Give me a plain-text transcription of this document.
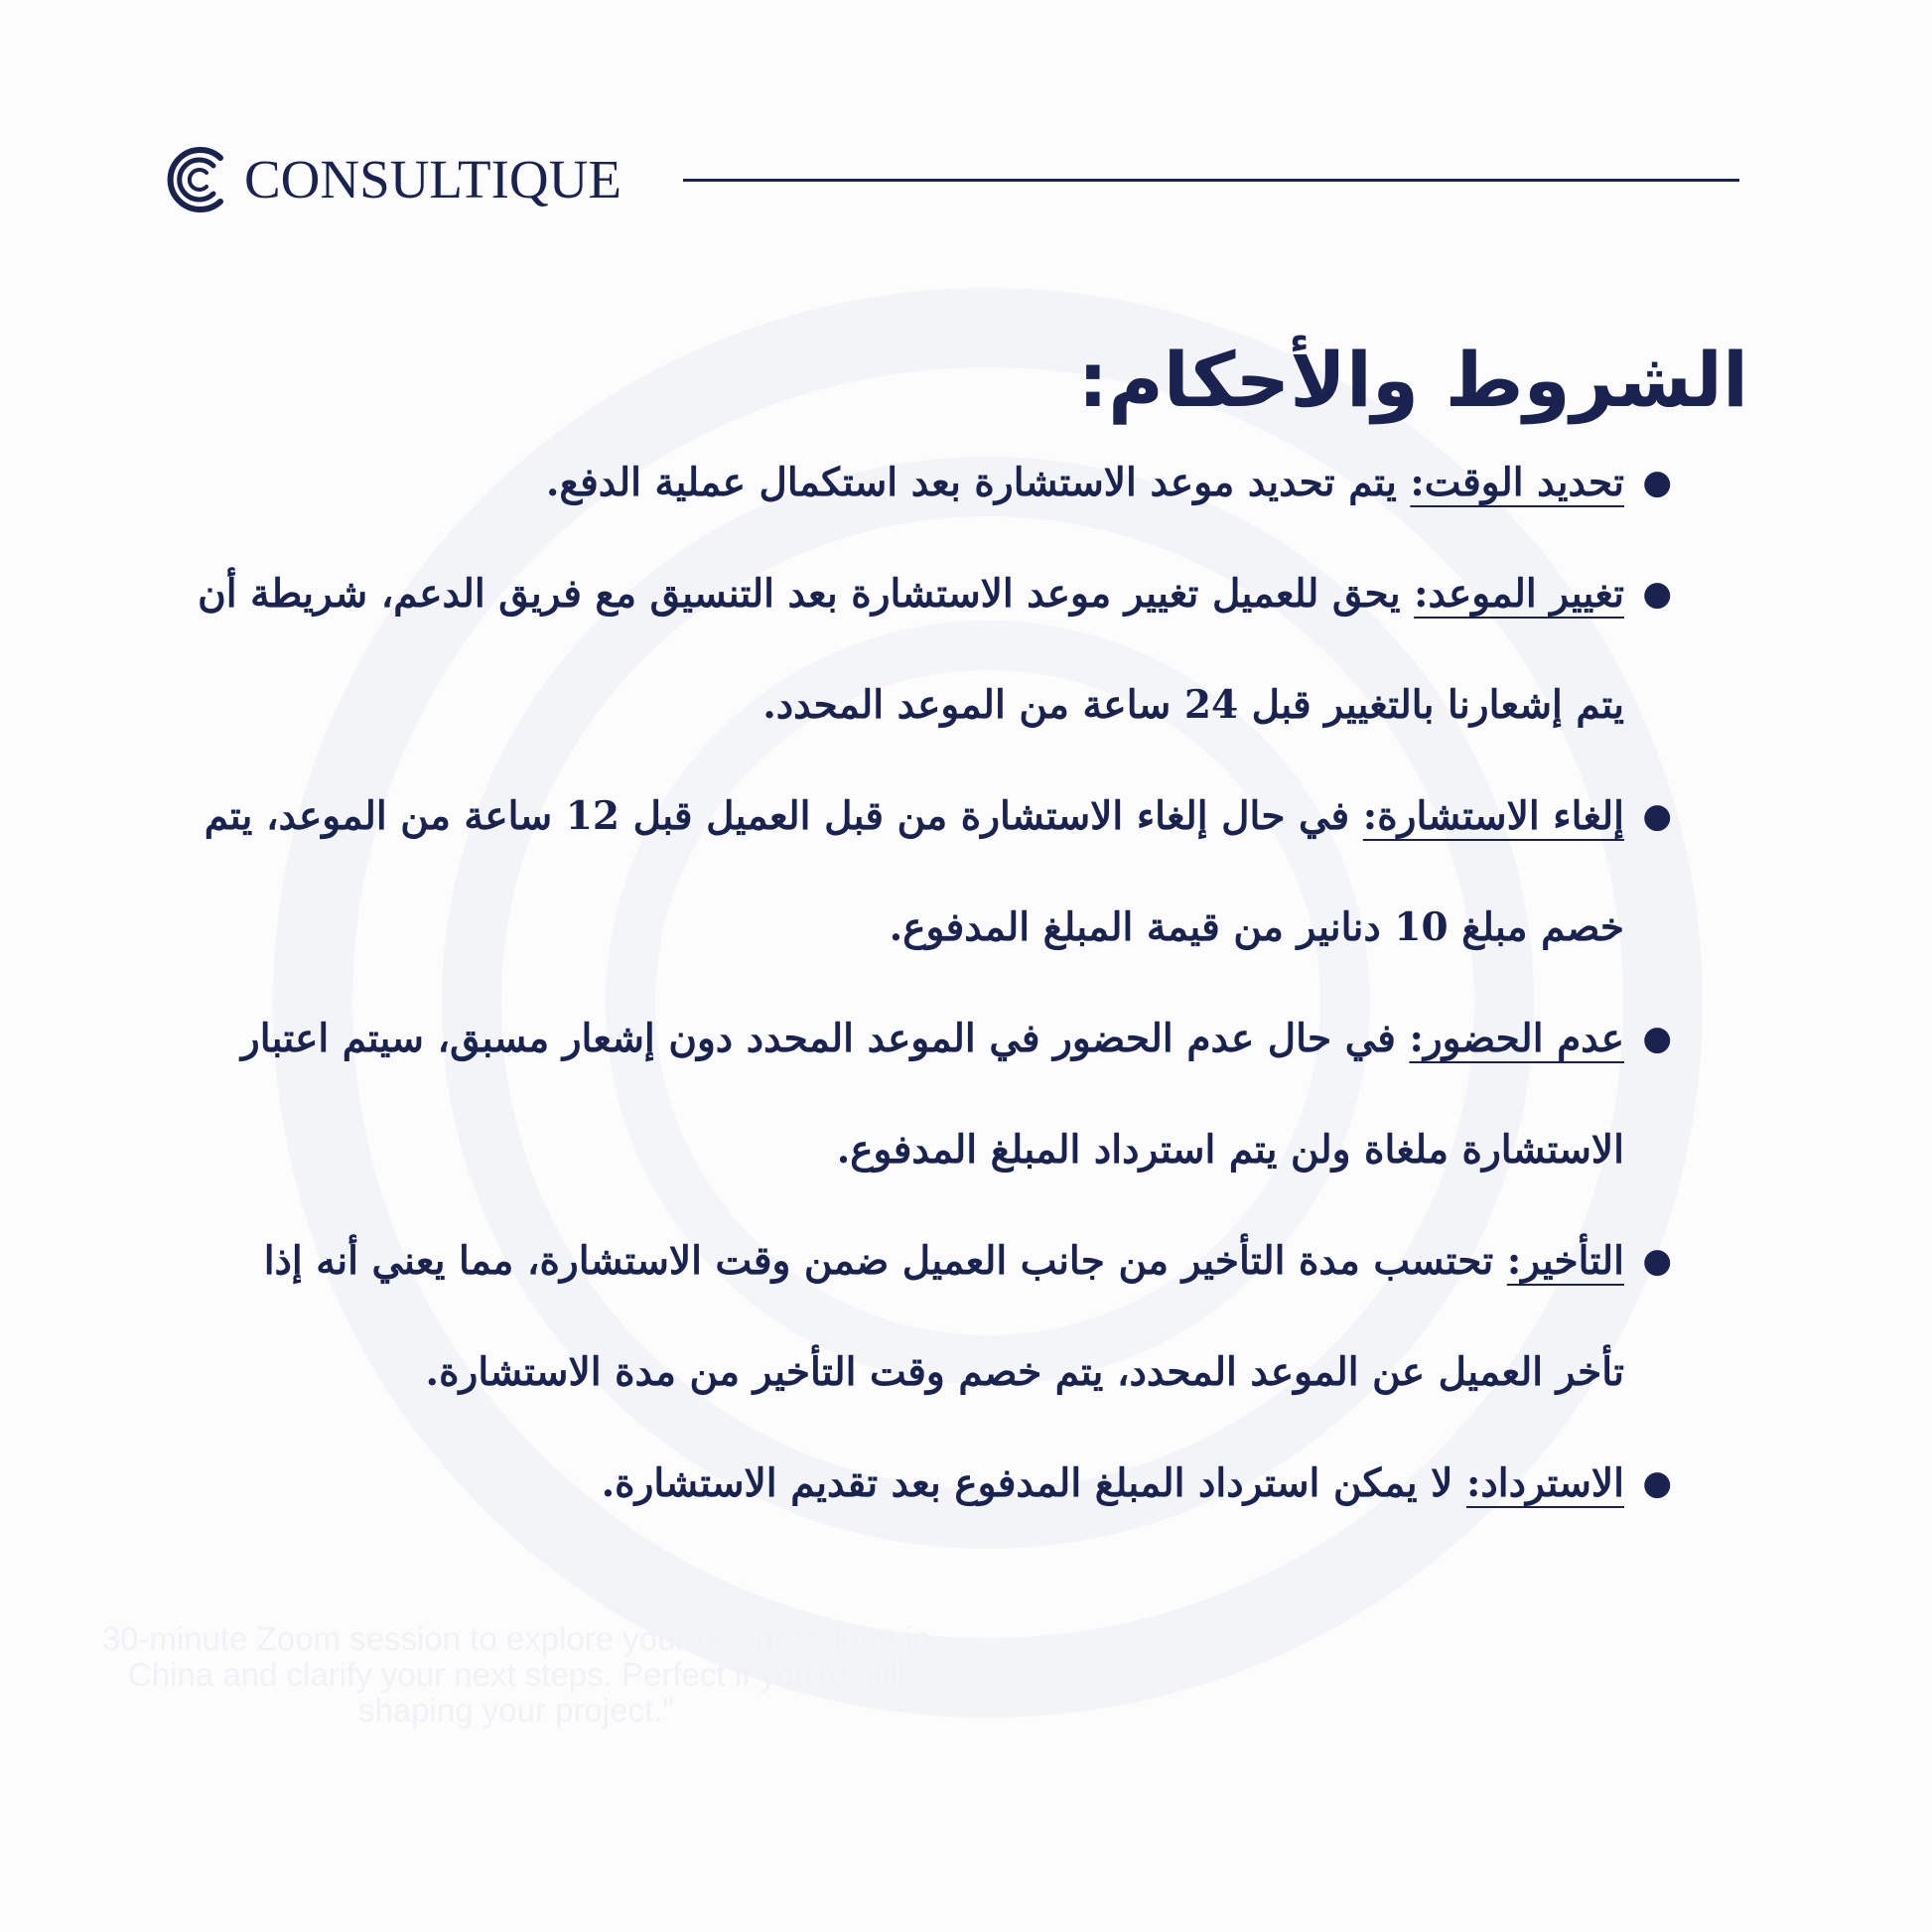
CONSULTIQUE
الشروط والأحكام:
●
تحديد الوقت: يتم تحديد موعد الاستشارة بعد استكمال عملية الدفع.
●
تغيير الموعد: يحق للعميل تغيير موعد الاستشارة بعد التنسيق مع فريق الدعم، شريطة أن يتم إشعارنا بالتغيير قبل 24 ساعة من الموعد المحدد.
●
إلغاء الاستشارة: في حال إلغاء الاستشارة من قبل العميل قبل 12 ساعة من الموعد، يتم خصم مبلغ 10 دنانير من قيمة المبلغ المدفوع.
●
عدم الحضور: في حال عدم الحضور في الموعد المحدد دون إشعار مسبق، سيتم اعتبار الاستشارة ملغاة ولن يتم استرداد المبلغ المدفوع.
●
التأخير: تحتسب مدة التأخير من جانب العميل ضمن وقت الاستشارة، مما يعني أنه إذا تأخر العميل عن الموعد المحدد، يتم خصم وقت التأخير من مدة الاستشارة.
●
الاسترداد: لا يمكن استرداد المبلغ المدفوع بعد تقديم الاستشارة.
30-minute Zoom session to explore your business idea in China and clarify your next steps. Perfect if you're still shaping your project."
